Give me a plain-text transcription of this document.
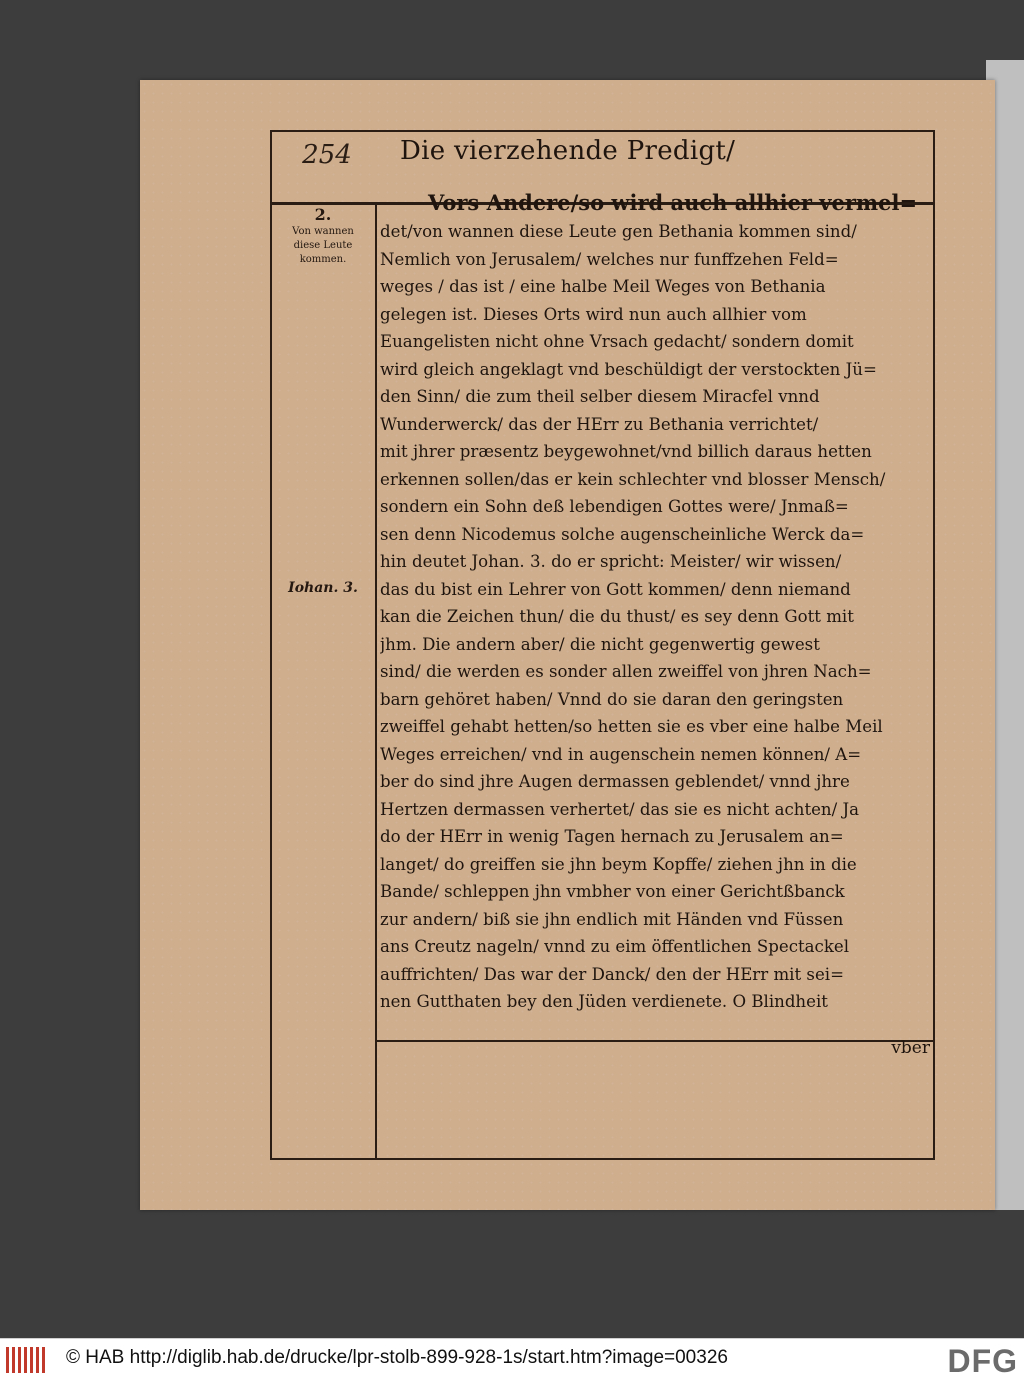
254	Die vierzehende Predigt/
2.
Von wannen
diese Leute
kommen.
Iohan. 3.
Vors Andere/so wird auch allhier vermel=
det/von wannen diese Leute gen Bethania kommen sind/
Nemlich von Jerusalem/ welches nur funffzehen Feld=
weges / das ist / eine halbe Meil Weges von Bethania
gelegen ist. Dieses Orts wird nun auch allhier vom
Euangelisten nicht ohne Vrsach gedacht/ sondern domit
wird gleich angeklagt vnd beschüldigt der verstockten Jü=
den Sinn/ die zum theil selber diesem Miracfel vnnd
Wunderwerck/ das der HErr zu Bethania verrichtet/
mit jhrer præsentz beygewohnet/vnd billich daraus hetten
erkennen sollen/das er kein schlechter vnd blosser Mensch/
sondern ein Sohn deß lebendigen Gottes were/ Jnmaß=
sen denn Nicodemus solche augenscheinliche Werck da=
hin deutet Johan. 3. do er spricht: Meister/ wir wissen/
das du bist ein Lehrer von Gott kommen/ denn niemand
kan die Zeichen thun/ die du thust/ es sey denn Gott mit
jhm. Die andern aber/ die nicht gegenwertig gewest
sind/ die werden es sonder allen zweiffel von jhren Nach=
barn gehöret haben/ Vnnd do sie daran den geringsten
zweiffel gehabt hetten/so hetten sie es vber eine halbe Meil
Weges erreichen/ vnd in augenschein nemen können/ A=
ber do sind jhre Augen dermassen geblendet/ vnnd jhre
Hertzen dermassen verhertet/ das sie es nicht achten/ Ja
do der HErr in wenig Tagen hernach zu Jerusalem an=
langet/ do greiffen sie jhn beym Kopffe/ ziehen jhn in die
Bande/ schleppen jhn vmbher von einer Gerichtßbanck
zur andern/ biß sie jhn endlich mit Händen vnd Füssen
ans Creutz nageln/ vnnd zu eim öffentlichen Spectackel
auffrichten/ Das war der Danck/ den der HErr mit sei=
nen Gutthaten bey den Jüden verdienete. O Blindheit
vber
© HAB http://diglib.hab.de/drucke/lpr-stolb-899-928-1s/start.htm?image=00326	DFG
